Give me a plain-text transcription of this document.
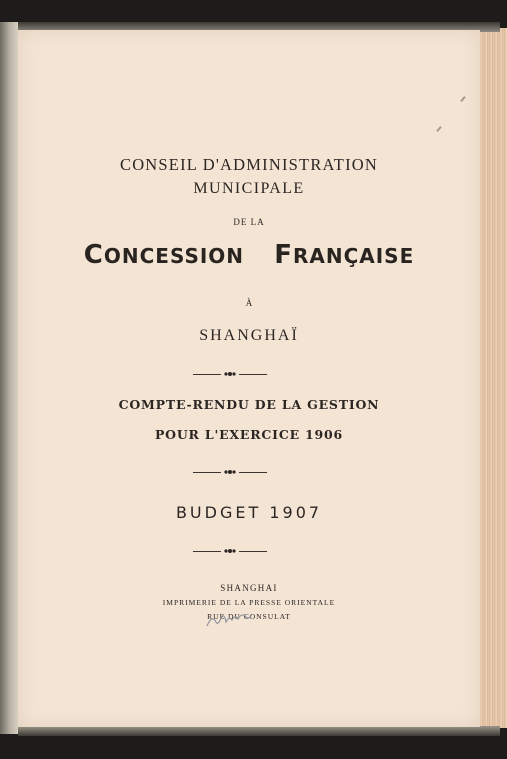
CONSEIL D'ADMINISTRATION
MUNICIPALE
DE LA
CONCESSION FRANÇAISE
À
SHANGHAÏ
COMPTE-RENDU DE LA GESTION
POUR L'EXERCICE 1906
BUDGET 1907
SHANGHAI
IMPRIMERIE DE LA PRESSE ORIENTALE
RUE DU CONSULAT
